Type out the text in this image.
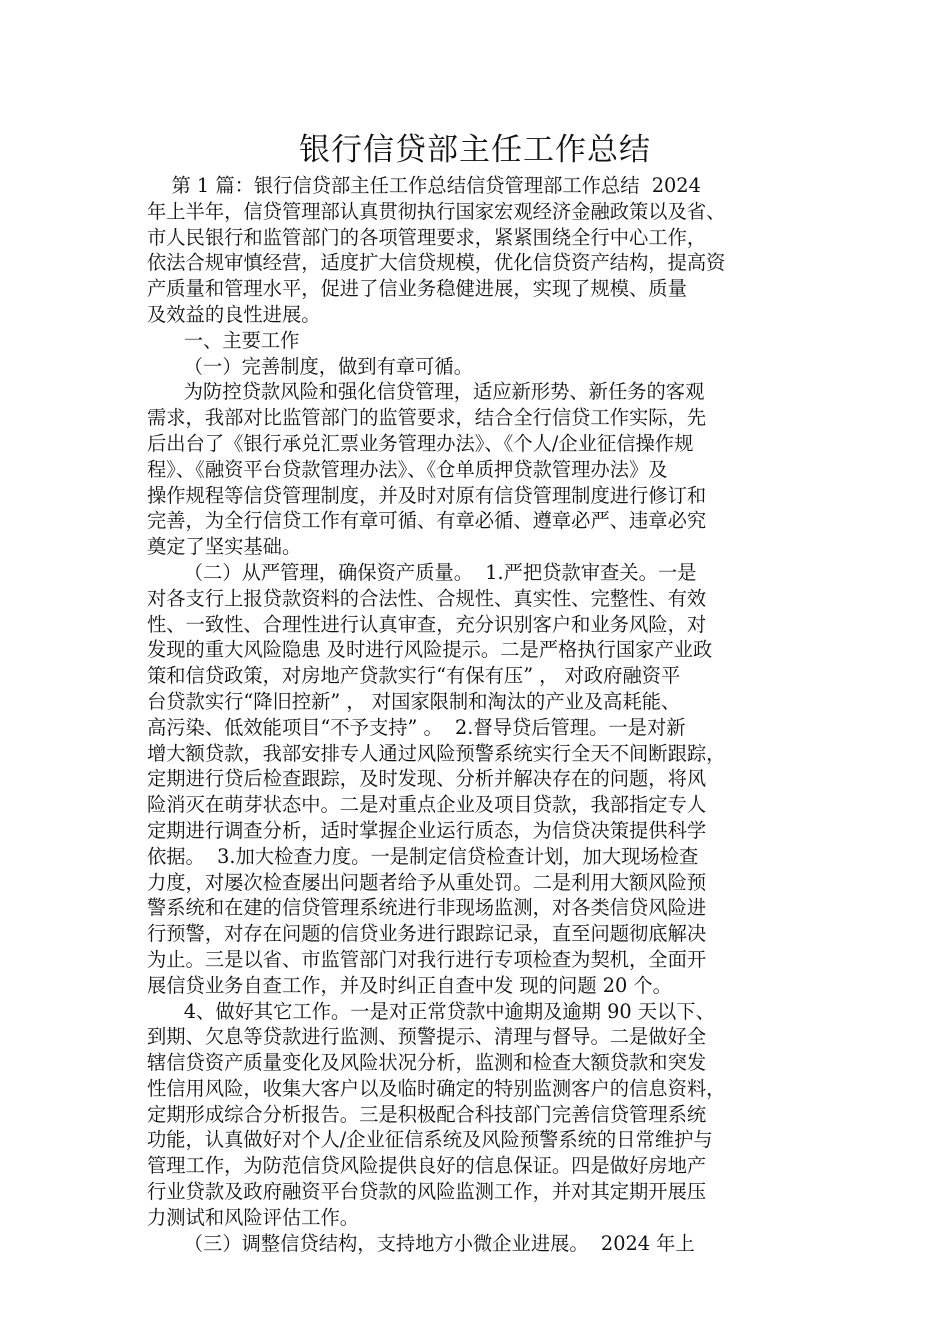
银行信贷部主任工作总结
第 1 篇：银行信贷部主任工作总结信贷管理部工作总结  2024
年上半年，信贷管理部认真贯彻执行国家宏观经济金融政策以及省、
市人民银行和监管部门的各项管理要求，紧紧围绕全行中心工作，
依法合规审慎经营，适度扩大信贷规模，优化信贷资产结构，提高资
产质量和管理水平，促进了信业务稳健进展，实现了规模、质量
及效益的良性进展。
一、主要工作
（一）完善制度，做到有章可循。
为防控贷款风险和强化信贷管理，适应新形势、新任务的客观
需求，我部对比监管部门的监管要求，结合全行信贷工作实际，先
后出台了《银行承兑汇票业务管理办法》、《个人/企业征信操作规
程》、《融资平台贷款管理办法》、《仓单质押贷款管理办法》及
操作规程等信贷管理制度，并及时对原有信贷管理制度进行修订和
完善，为全行信贷工作有章可循、有章必循、遵章必严、违章必究
奠定了坚实基础。
（二）从严管理，确保资产质量。  1.严把贷款审查关。一是
对各支行上报贷款资料的合法性、合规性、真实性、完整性、有效
性、一致性、合理性进行认真审查，充分识别客户和业务风险，对
发现的重大风险隐患 及时进行风险提示。二是严格执行国家产业政
策和信贷政策，对房地产贷款实行“有保有压” ， 对政府融资平
台贷款实行“降旧控新” ， 对国家限制和淘汰的产业及高耗能、
高污染、低效能项目“不予支持” 。  2.督导贷后管理。一是对新
增大额贷款，我部安排专人通过风险预警系统实行全天不间断跟踪，
定期进行贷后检查跟踪，及时发现、分析并解决存在的问题，将风
险消灭在萌芽状态中。二是对重点企业及项目贷款，我部指定专人
定期进行调查分析，适时掌握企业运行质态，为信贷决策提供科学
依据。  3.加大检查力度。一是制定信贷检查计划，加大现场检查
力度，对屡次检查屡出问题者给予从重处罚。二是利用大额风险预
警系统和在建的信贷管理系统进行非现场监测，对各类信贷风险进
行预警，对存在问题的信贷业务进行跟踪记录，直至问题彻底解决
为止。三是以省、市监管部门对我行进行专项检查为契机，全面开
展信贷业务自查工作，并及时纠正自查中发 现的问题 20 个。
4、做好其它工作。一是对正常贷款中逾期及逾期 90 天以下、
到期、欠息等贷款进行监测、预警提示、清理与督导。二是做好全
辖信贷资产质量变化及风险状况分析，监测和检查大额贷款和突发
性信用风险，收集大客户以及临时确定的特别监测客户的信息资料，
定期形成综合分析报告。三是积极配合科技部门完善信贷管理系统
功能，认真做好对个人/企业征信系统及风险预警系统的日常维护与
管理工作，为防范信贷风险提供良好的信息保证。四是做好房地产
行业贷款及政府融资平台贷款的风险监测工作，并对其定期开展压
力测试和风险评估工作。
（三）调整信贷结构，支持地方小微企业进展。  2024 年上
